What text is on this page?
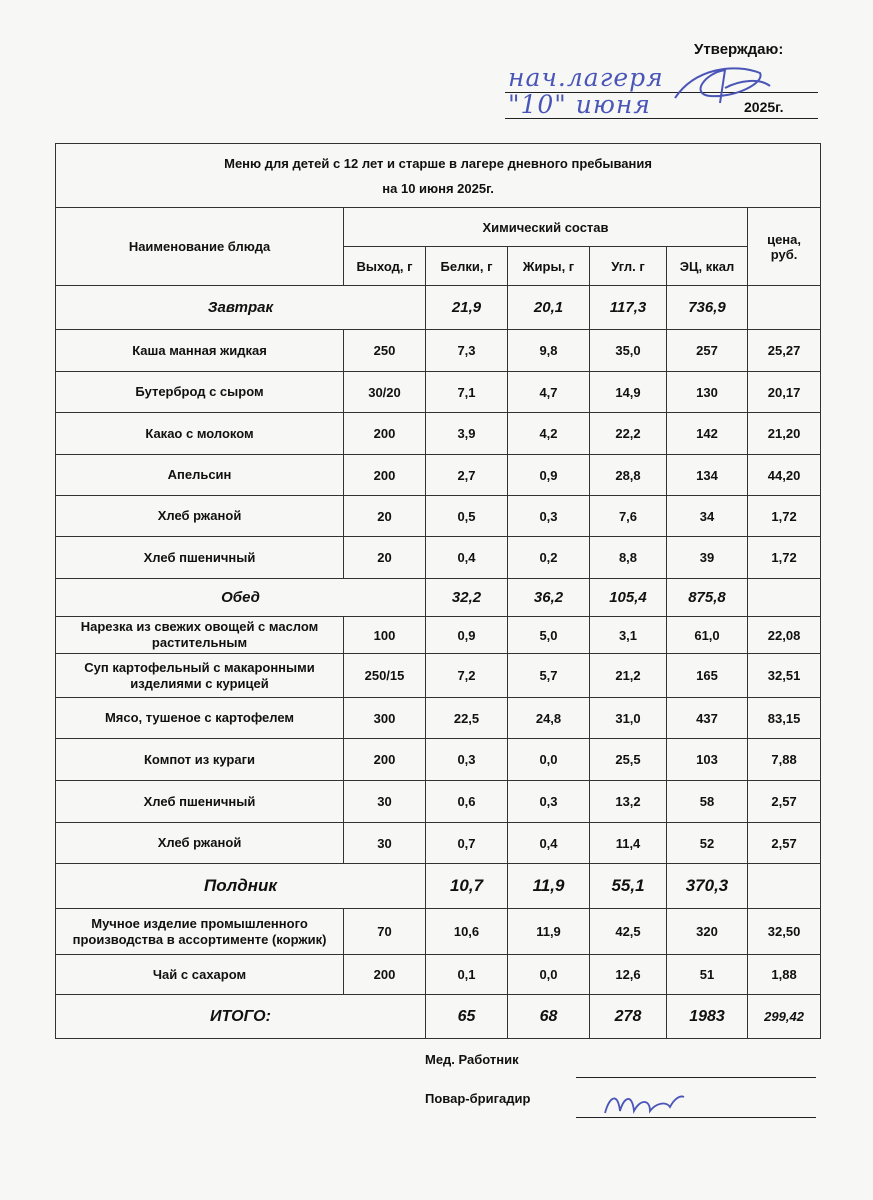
Утверждаю:
нач.лагеря
"10" июня	2025г.
Меню для детей с 12 лет и старше в лагере дневного пребывания
на 10 июня 2025г.						

Наименование блюда	Химический состав					цена, руб.
	Выход, г	Белки, г	Жиры, г	Угл. г	ЭЦ, ккал	
Завтрак		21,9	20,1	117,3	736,9	
Каша манная жидкая	250	7,3	9,8	35,0	257	25,27
Бутерброд с сыром	30/20	7,1	4,7	14,9	130	20,17
Какао с молоком	200	3,9	4,2	22,2	142	21,20
Апельсин	200	2,7	0,9	28,8	134	44,20
Хлеб ржаной	20	0,5	0,3	7,6	34	1,72
Хлеб пшеничный	20	0,4	0,2	8,8	39	1,72
Обед		32,2	36,2	105,4	875,8	
Нарезка из свежих овощей с маслом растительным	100	0,9	5,0	3,1	61,0	22,08
Суп картофельный с макаронными изделиями с курицей	250/15	7,2	5,7	21,2	165	32,51
Мясо, тушеное с картофелем	300	22,5	24,8	31,0	437	83,15
Компот из кураги	200	0,3	0,0	25,5	103	7,88
Хлеб пшеничный	30	0,6	0,3	13,2	58	2,57
Хлеб ржаной	30	0,7	0,4	11,4	52	2,57
Полдник		10,7	11,9	55,1	370,3	
Мучное изделие промышленного производства в ассортименте (коржик)	70	10,6	11,9	42,5	320	32,50
Чай с сахаром	200	0,1	0,0	12,6	51	1,88
ИТОГО:		65	68	278	1983	299,42
Мед. Работник
Повар-бригадир
